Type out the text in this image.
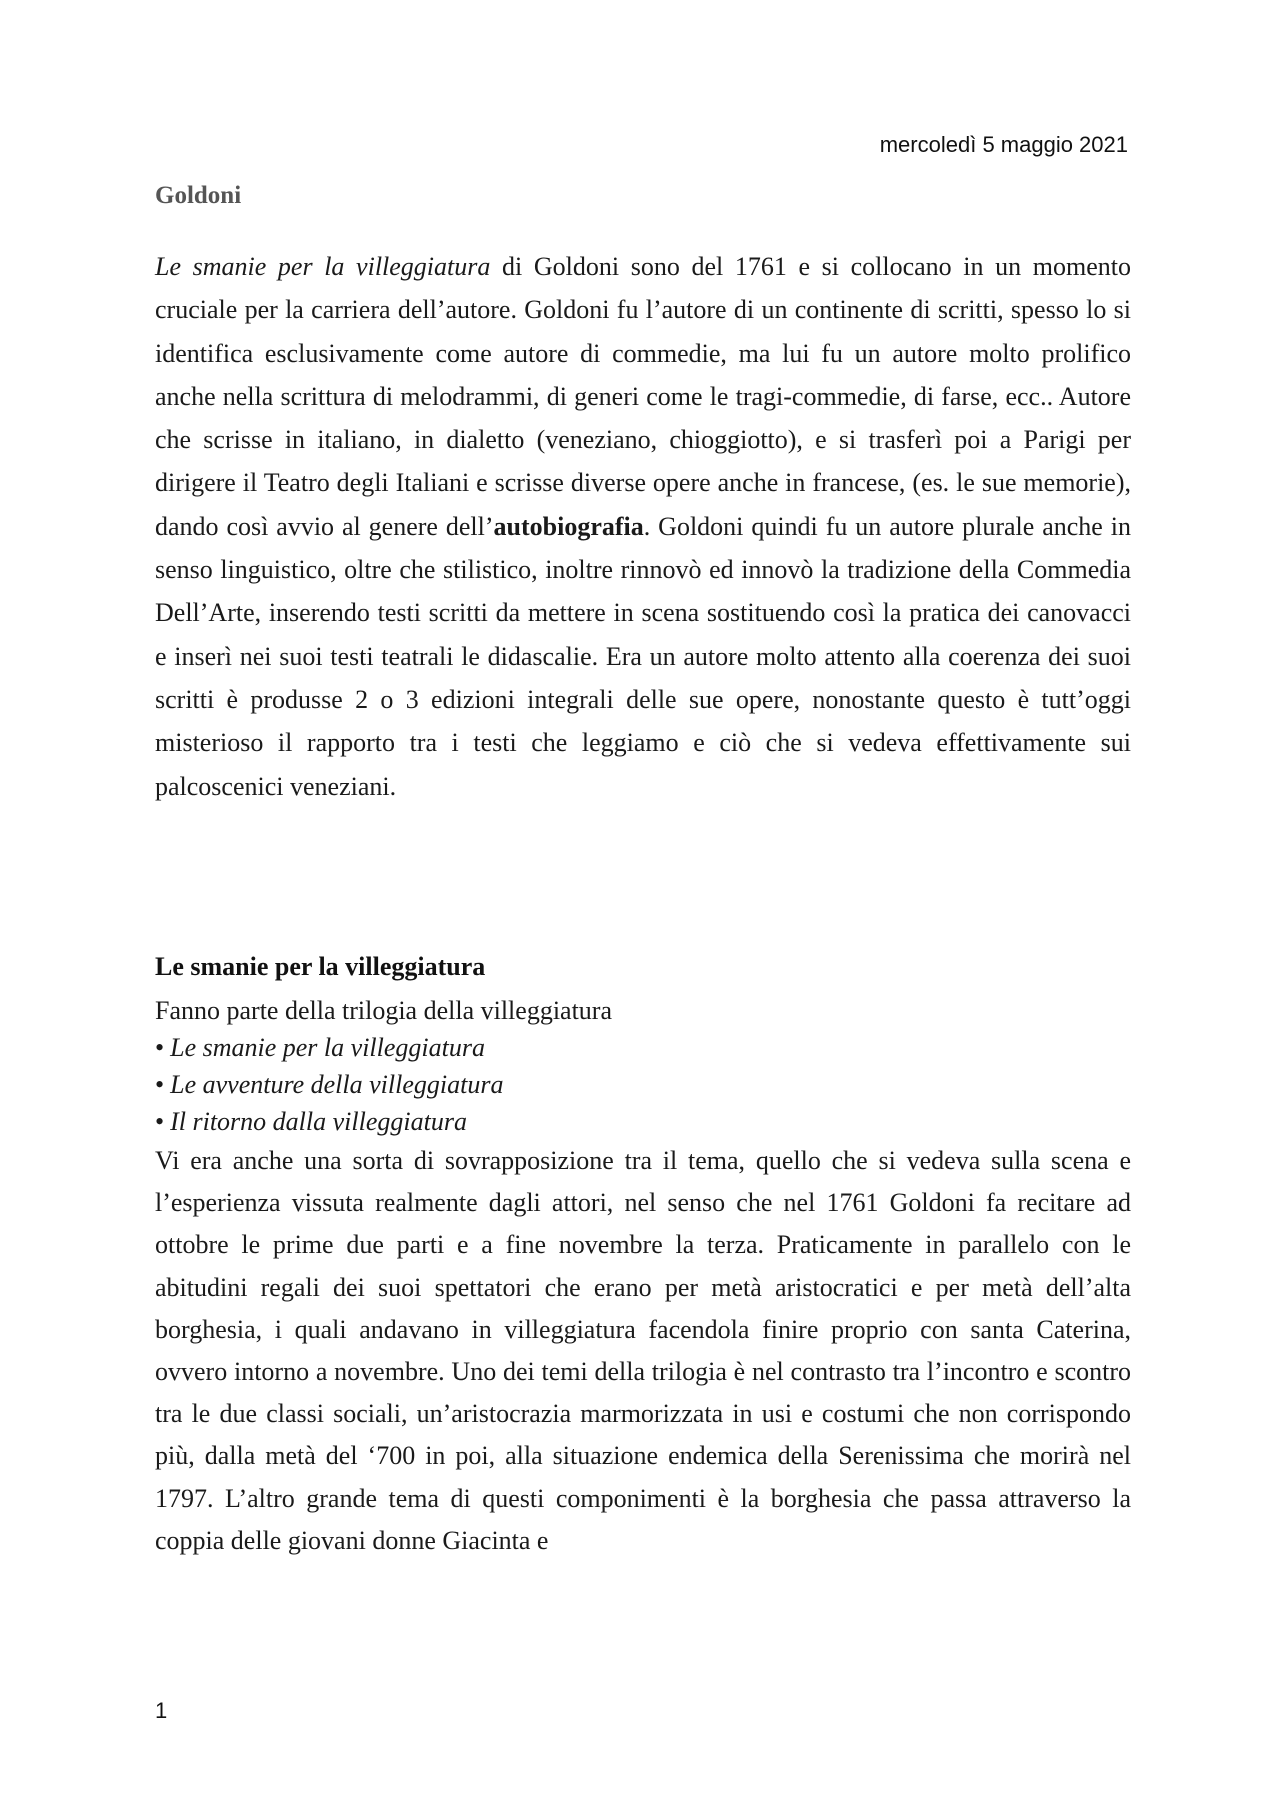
mercoledì 5 maggio 2021

Goldoni

Le smanie per la villeggiatura di Goldoni sono del 1761 e si collocano in un momento cruciale per la carriera dell’autore. Goldoni fu l’autore di un continente di scritti, spesso lo si identifica esclusivamente come autore di commedie, ma lui fu un autore molto prolifico anche nella scrittura di melodrammi, di generi come le tragi-commedie, di farse, ecc.. Autore che scrisse in italiano, in dialetto (veneziano, chioggiotto), e si trasferì poi a Parigi per dirigere il Teatro degli Italiani e scrisse diverse opere anche in francese, (es. le sue memorie), dando così avvio al genere dell’autobiografia. Goldoni quindi fu un autore plurale anche in senso linguistico, oltre che stilistico, inoltre rinnovò ed innovò la tradizione della Commedia Dell’Arte, inserendo testi scritti da mettere in scena sostituendo così la pratica dei canovacci e inserì nei suoi testi teatrali le didascalie. Era un autore molto attento alla coerenza dei suoi scritti è produsse 2 o 3 edizioni integrali delle sue opere, nonostante questo è tutt’oggi misterioso il rapporto tra i testi che leggiamo e ciò che si vedeva effettivamente sui palcoscenici veneziani.

Le smanie per la villeggiatura

Fanno parte della trilogia della villeggiatura

• Le smanie per la villeggiatura
• Le avventure della villeggiatura
• Il ritorno dalla villeggiatura

Vi era anche una sorta di sovrapposizione tra il tema, quello che si vedeva sulla scena e l’esperienza vissuta realmente dagli attori, nel senso che nel 1761 Goldoni fa recitare ad ottobre le prime due parti e a fine novembre la terza. Praticamente in parallelo con le abitudini regali dei suoi spettatori che erano per metà aristocratici e per metà dell’alta borghesia, i quali andavano in villeggiatura facendola finire proprio con santa Caterina, ovvero intorno a novembre. Uno dei temi della trilogia è nel contrasto tra l’incontro e scontro tra le due classi sociali, un’aristocrazia marmorizzata in usi e costumi che non corrispondo più, dalla metà del ‘700 in poi, alla situazione endemica della Serenissima che morirà nel 1797. L’altro grande tema di questi componimenti è la borghesia che passa attraverso la coppia delle giovani donne Giacinta e

1
